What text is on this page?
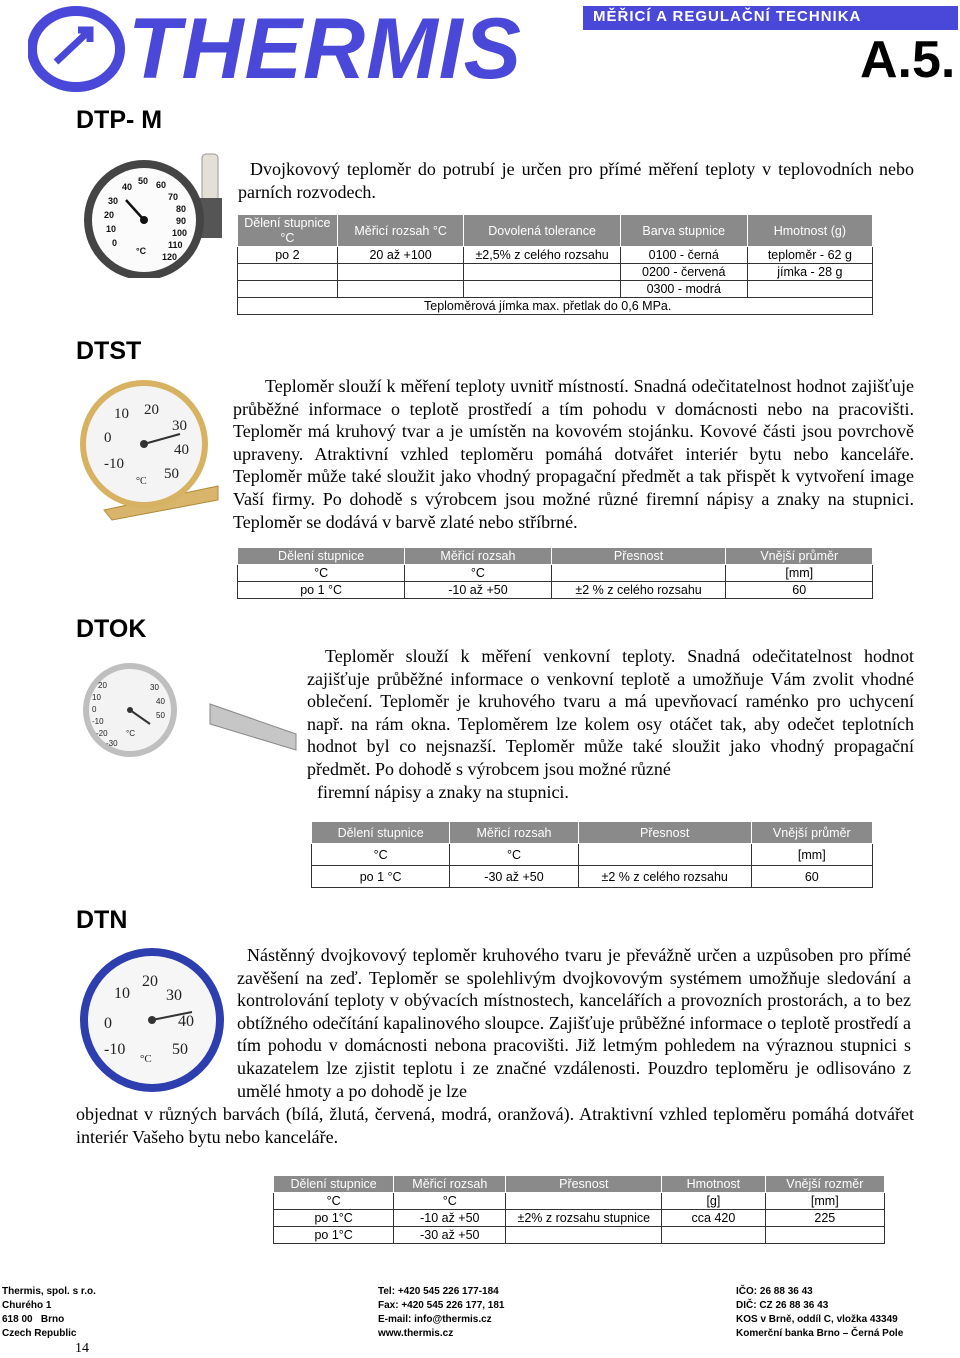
THERMIS	MĚŘICÍ A REGULAČNÍ TECHNIKA
A.5.
DTP- M
40
50 60
70
80
90
100
110
120
30
20
10
0
°C
Dvojkovový teploměr do potrubí je určen pro přímé měření teploty v teplovodních nebo parních rozvodech.
Dělení stupnice °C	Měřicí rozsah °C	Dovolená tolerance	Barva stupnice	Hmotnost (g)
po 2	20 až +100	±2,5% z celého rozsahu	0100 - černá	teploměr - 62 g
			0200 - červená	jímka - 28 g
			0300 - modrá	
Teploměrová jímka max. přetlak do 0,6 MPa.				
DTST
20
30
10
40
0
50
-10
°C
Teploměr slouží k měření teploty uvnitř místností. Snadná odečitatelnost hodnot zajišťuje průběžné informace o teplotě prostředí a tím pohodu v domácnosti nebo na pracovišti. Teploměr má kruhový tvar a je umístěn na kovovém stojánku. Kovové části jsou povrchově upraveny. Atraktivní vzhled teploměru pomáhá dotvářet interiér bytu nebo kanceláře. Teploměr může také sloužit jako vhodný propagační předmět a tak přispět k vytvoření image Vaší firmy. Po dohodě s výrobcem jsou možné různé firemní nápisy a znaky na stupnici. Teploměr se dodává v barvě zlaté nebo stříbrné.
Dělení stupnice	Měřicí rozsah	Přesnost	Vnější průměr
°C	°C		[mm]
po 1 °C	-10 až +50	±2 % z celého rozsahu	60
DTOK
20
10
0
-10
-20
-30
30
40
50
°C
Teploměr slouží k měření venkovní teploty. Snadná odečitatelnost hodnot zajišťuje průběžné informace o venkovní teplotě a umožňuje Vám zvolit vhodné oblečení. Teploměr je kruhového tvaru a má upevňovací raménko pro uchycení např. na rám okna. Teploměrem lze kolem osy otáčet tak, aby odečet teplotních hodnot byl co nejsnazší. Teploměr může také sloužit jako vhodný propagační předmět. Po dohodě s výrobcem jsou možné různé
firemní nápisy a znaky na stupnici.
Dělení stupnice	Měřicí rozsah	Přesnost	Vnější průměr
°C	°C		[mm]
po 1 °C	-30 až +50	±2 % z celého rozsahu	60
DTN
20
10 30
0	40
-10	50
°C
Nástěnný dvojkovový teploměr kruhového tvaru je převážně určen a uzpůsoben pro přímé zavěšení na zeď. Teploměr se spolehlivým dvojkovovým systémem umožňuje sledování a kontrolování teploty v obývacích místnostech, kancelářích a provozních prostorách, a to bez obtížného odečítání kapalinového sloupce. Zajišťuje průběžné informace o teplotě prostředí a tím pohodu v domácnosti nebona pracovišti. Již letmým pohledem na výraznou stupnici s ukazatelem lze zjistit teplotu i ze značné vzdálenosti. Pouzdro teploměru je odlisováno z umělé hmoty a po dohodě je lze
objednat v různých barvách (bílá, žlutá, červená, modrá, oranžová). Atraktivní vzhled teploměru pomáhá dotvářet interiér Vašeho bytu nebo kanceláře.
Dělení stupnice	Měřicí rozsah	Přesnost	Hmotnost	Vnější rozměr
°C	°C		[g]	[mm]
po 1°C	-10 až +50	±2% z rozsahu stupnice	cca 420	225
po 1°C	-30 až +50			
Thermis, spol. s r.o.
Churého 1
618 00   Brno
Czech Republic
Tel: +420 545 226 177-184
Fax: +420 545 226 177, 181
E-mail: info@thermis.cz
www.thermis.cz
IČO: 26 88 36 43
DIČ: CZ 26 88 36 43
KOS v Brně, oddíl C, vložka 43349
Komerční banka Brno – Černá Pole
14
